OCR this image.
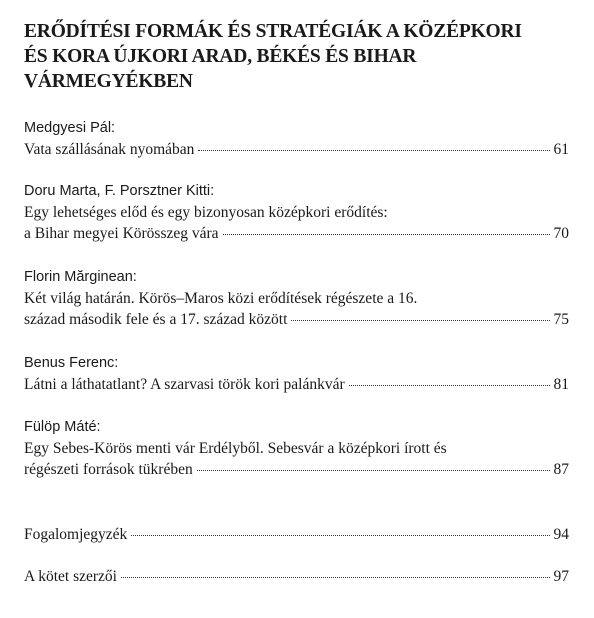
ERŐDÍTÉSI FORMÁK ÉS STRATÉGIÁK A KÖZÉPKORI
ÉS KORA ÚJKORI ARAD, BÉKÉS ÉS BIHAR
VÁRMEGYÉKBEN
Medgyesi Pál:
Vata szállásának nyomában	61
Doru Marta, F. Porsztner Kitti:
Egy lehetséges előd és egy bizonyosan középkori erődítés:
a Bihar megyei Körösszeg vára	70
Florin Mărginean:
Két világ határán. Körös–Maros közi erődítések régészete a 16.
század második fele és a 17. század között	75
Benus Ferenc:
Látni a láthatatlant? A szarvasi török kori palánkvár	81
Fülöp Máté:
Egy Sebes-Körös menti vár Erdélyből. Sebesvár a középkori írott és
régészeti források tükrében	87
Fogalomjegyzék	94
A kötet szerzői	97
